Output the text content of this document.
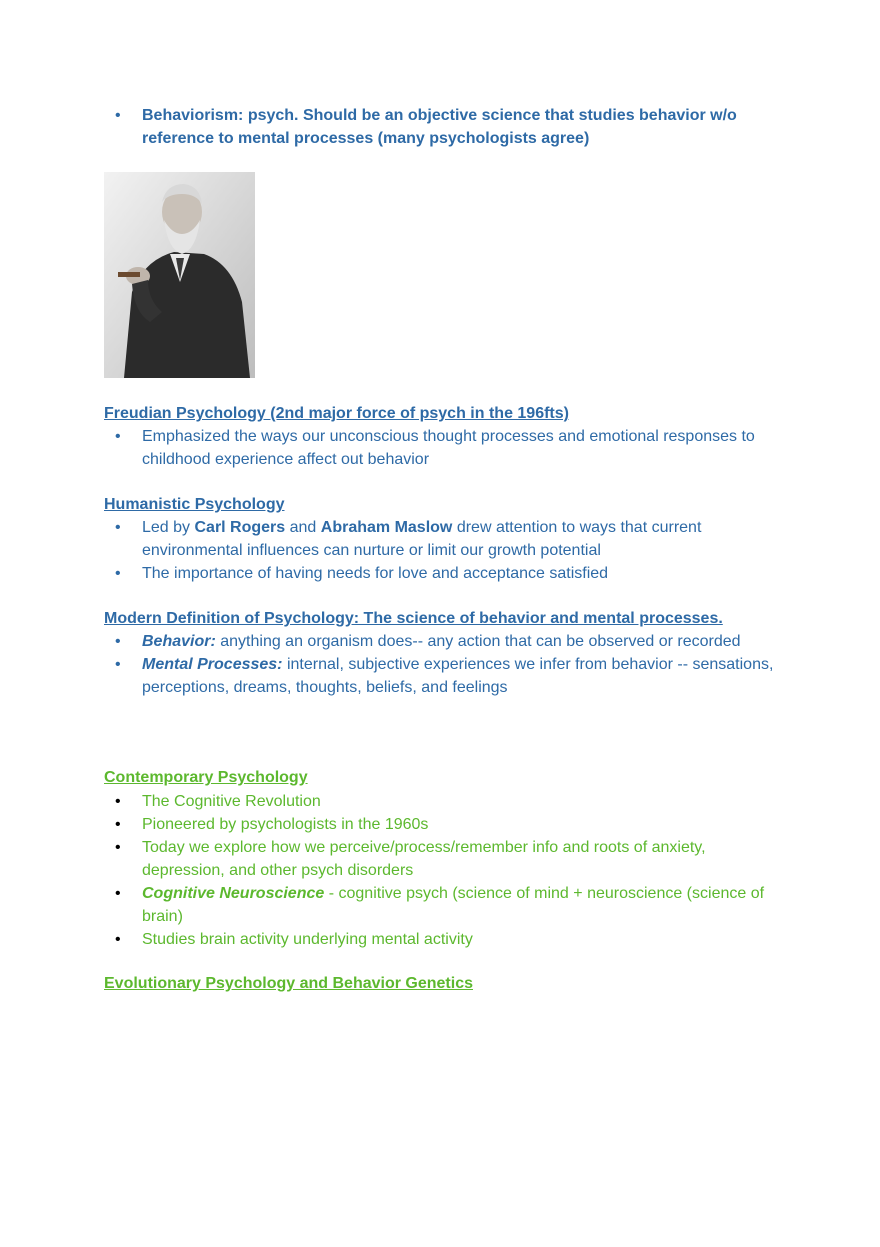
• Behaviorism: psych. Should be an objective science that studies behavior w/o reference to mental processes (many psychologists agree)
Freudian Psychology (2nd major force of psych in the 196fts)
• Emphasized the ways our unconscious thought processes and emotional responses to childhood experience affect out behavior
Humanistic Psychology
• Led by Carl Rogers and Abraham Maslow drew attention to ways that current environmental influences can nurture or limit our growth potential
• The importance of having needs for love and acceptance satisfied
Modern Definition of Psychology: The science of behavior and mental processes.
• Behavior: anything an organism does-- any action that can be observed or recorded
• Mental Processes: internal, subjective experiences we infer from behavior -- sensations, perceptions, dreams, thoughts, beliefs, and feelings
Contemporary Psychology
• The Cognitive Revolution
• Pioneered by psychologists in the 1960s
• Today we explore how we perceive/process/remember info and roots of anxiety, depression, and other psych disorders
• Cognitive Neuroscience - cognitive psych (science of mind + neuroscience (science of brain)
• Studies brain activity underlying mental activity
Evolutionary Psychology and Behavior Genetics
